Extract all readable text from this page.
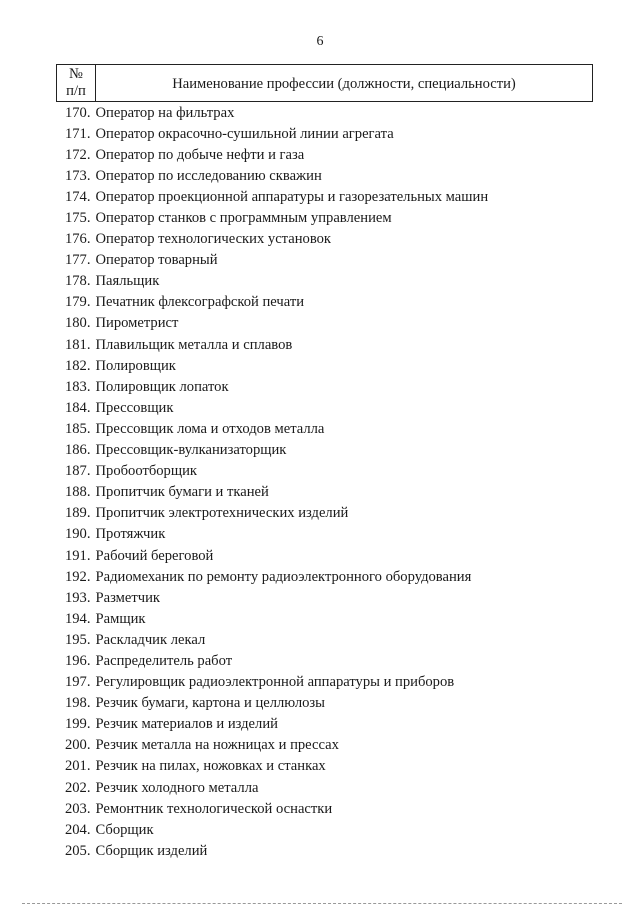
6
№
п/п	Наименование профессии (должности, специальности)
170.	Оператор на фильтрах
171.	Оператор окрасочно-сушильной линии агрегата
172.	Оператор по добыче нефти и газа
173.	Оператор по исследованию скважин
174.	Оператор проекционной аппаратуры и газорезательных машин
175.	Оператор станков с программным управлением
176.	Оператор технологических установок
177.	Оператор товарный
178.	Паяльщик
179.	Печатник флексографской печати
180.	Пирометрист
181.	Плавильщик металла и сплавов
182.	Полировщик
183.	Полировщик лопаток
184.	Прессовщик
185.	Прессовщик лома и отходов металла
186.	Прессовщик-вулканизаторщик
187.	Пробоотборщик
188.	Пропитчик бумаги и тканей
189.	Пропитчик электротехнических изделий
190.	Протяжчик
191.	Рабочий береговой
192.	Радиомеханик по ремонту радиоэлектронного оборудования
193.	Разметчик
194.	Рамщик
195.	Раскладчик лекал
196.	Распределитель работ
197.	Регулировщик радиоэлектронной аппаратуры и приборов
198.	Резчик бумаги, картона и целлюлозы
199.	Резчик материалов и изделий
200.	Резчик металла на ножницах и прессах
201.	Резчик на пилах, ножовках и станках
202.	Резчик холодного металла
203.	Ремонтник технологической оснастки
204.	Сборщик
205.	Сборщик изделий
